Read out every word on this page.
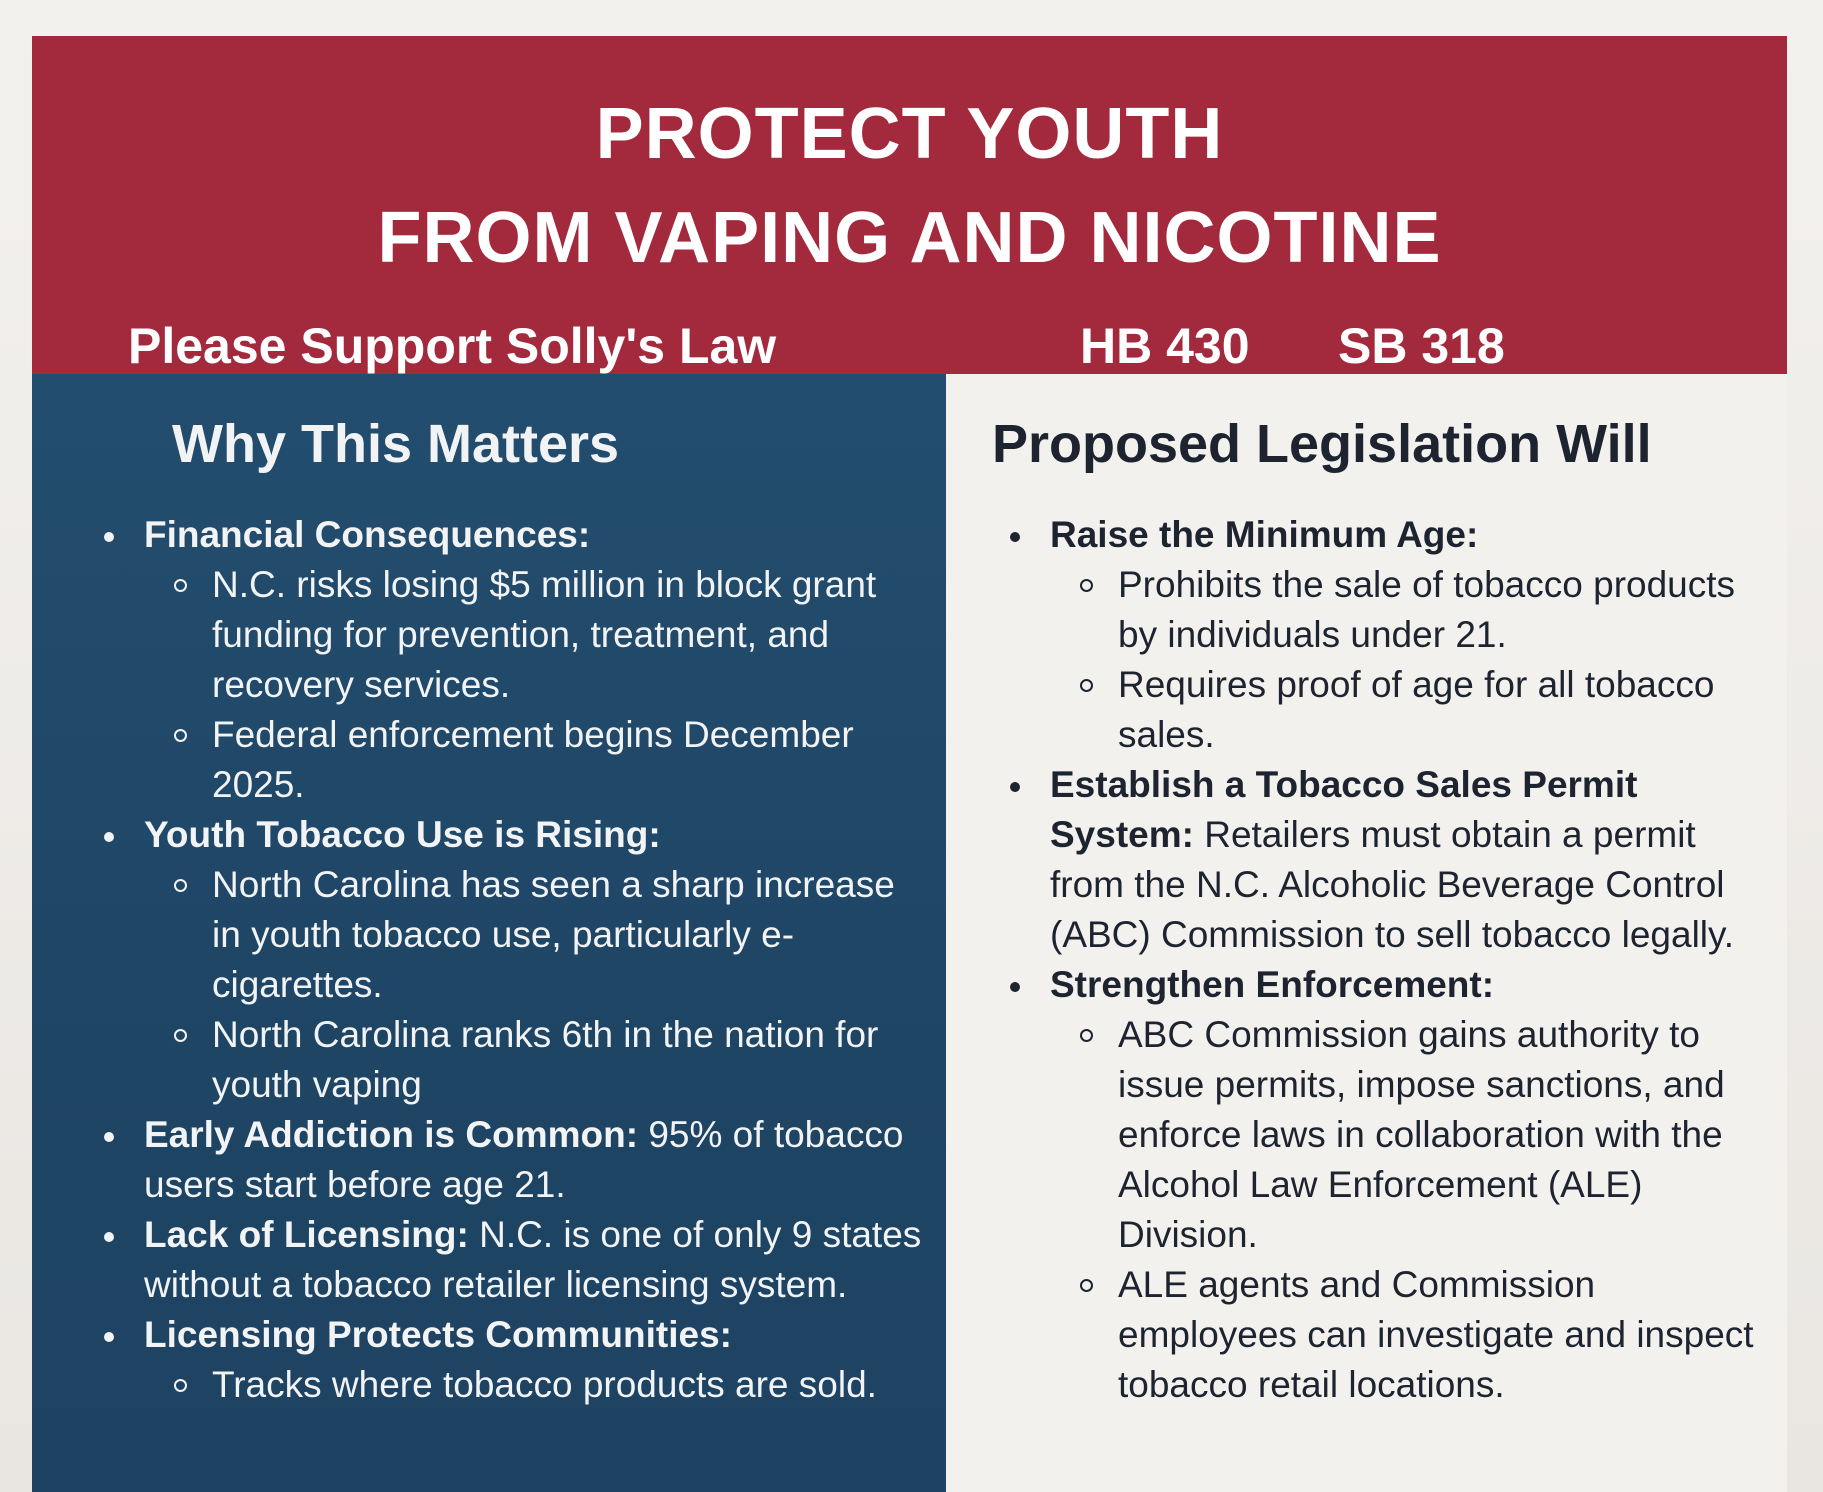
PROTECT YOUTH
FROM VAPING AND NICOTINE
Please Support Solly's Law	HB 430 SB 318
Why This Matters
Financial Consequences:
N.C. risks losing $5 million in block grant funding for prevention, treatment, and recovery services.
Federal enforcement begins December 2025.
Youth Tobacco Use is Rising:
North Carolina has seen a sharp increase in youth tobacco use, particularly e-cigarettes.
North Carolina ranks 6th in the nation for youth vaping
Early Addiction is Common: 95% of tobacco users start before age 21.
Lack of Licensing: N.C. is one of only 9 states without a tobacco retailer licensing system.
Licensing Protects Communities:
Tracks where tobacco products are sold.
Proposed Legislation Will
Raise the Minimum Age:
Prohibits the sale of tobacco products by individuals under 21.
Requires proof of age for all tobacco sales.
Establish a Tobacco Sales Permit System: Retailers must obtain a permit from the N.C. Alcoholic Beverage Control (ABC) Commission to sell tobacco legally.
Strengthen Enforcement:
ABC Commission gains authority to issue permits, impose sanctions, and enforce laws in collaboration with the Alcohol Law Enforcement (ALE) Division.
ALE agents and Commission employees can investigate and inspect tobacco retail locations.
